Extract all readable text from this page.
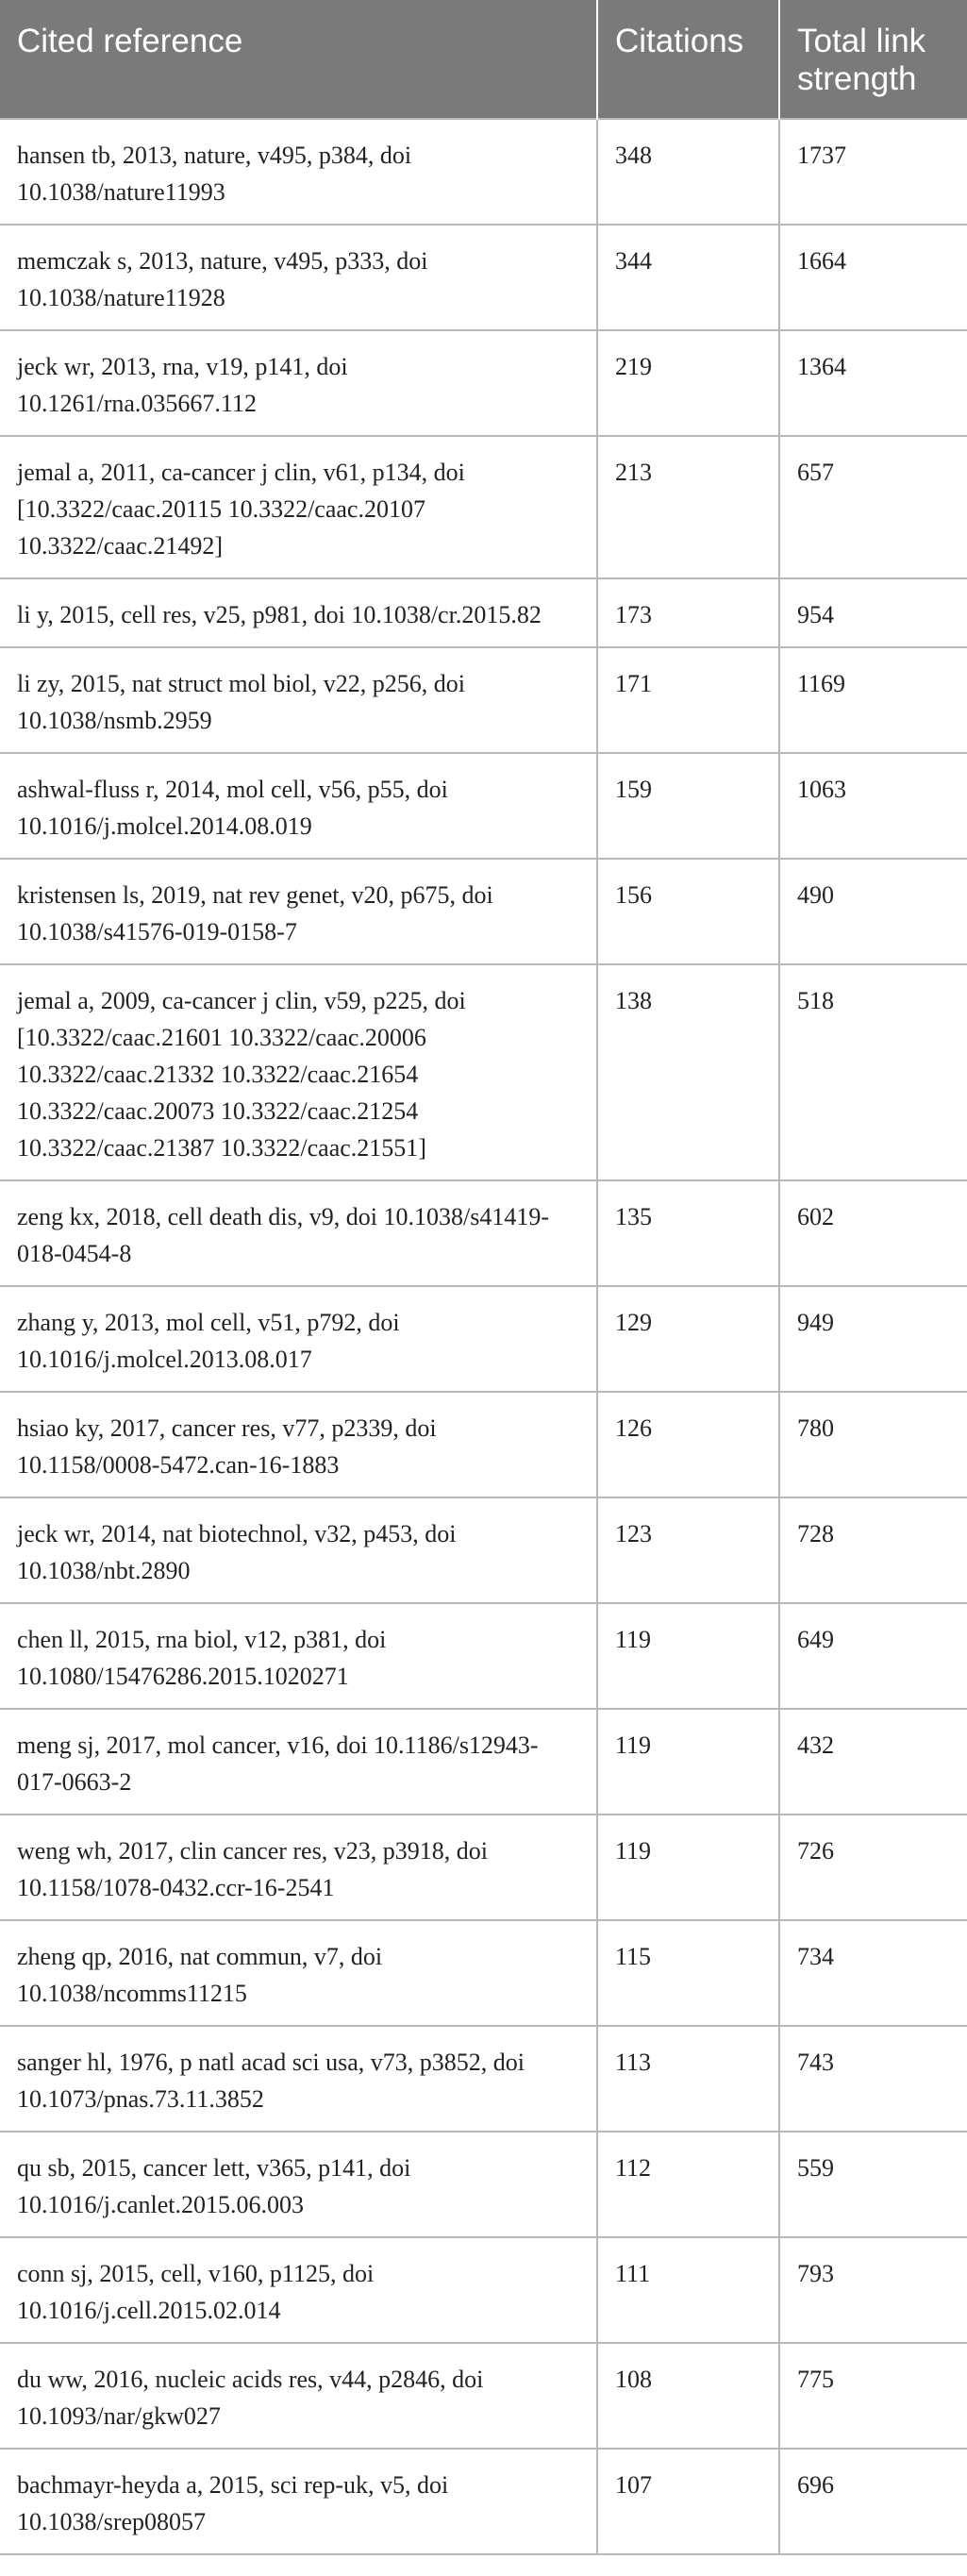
Cited reference	Citations	Total link strength
hansen tb, 2013, nature, v495, p384, doi 10.1038/nature11993	348	1737
memczak s, 2013, nature, v495, p333, doi 10.1038/nature11928	344	1664
jeck wr, 2013, rna, v19, p141, doi 10.1261/rna.035667.112	219	1364
jemal a, 2011, ca-cancer j clin, v61, p134, doi [10.3322/caac.20115 10.3322/caac.20107 10.3322/caac.21492]	213	657
li y, 2015, cell res, v25, p981, doi 10.1038/cr.2015.82	173	954
li zy, 2015, nat struct mol biol, v22, p256, doi 10.1038/nsmb.2959	171	1169
ashwal-fluss r, 2014, mol cell, v56, p55, doi 10.1016/j.molcel.2014.08.019	159	1063
kristensen ls, 2019, nat rev genet, v20, p675, doi 10.1038/s41576-019-0158-7	156	490
jemal a, 2009, ca-cancer j clin, v59, p225, doi [10.3322/caac.21601 10.3322/caac.20006 10.3322/caac.21332 10.3322/caac.21654 10.3322/caac.20073 10.3322/caac.21254 10.3322/caac.21387 10.3322/caac.21551]	138	518
zeng kx, 2018, cell death dis, v9, doi 10.1038/s41419-018-0454-8	135	602
zhang y, 2013, mol cell, v51, p792, doi 10.1016/j.molcel.2013.08.017	129	949
hsiao ky, 2017, cancer res, v77, p2339, doi 10.1158/0008-5472.can-16-1883	126	780
jeck wr, 2014, nat biotechnol, v32, p453, doi 10.1038/nbt.2890	123	728
chen ll, 2015, rna biol, v12, p381, doi 10.1080/15476286.2015.1020271	119	649
meng sj, 2017, mol cancer, v16, doi 10.1186/s12943-017-0663-2	119	432
weng wh, 2017, clin cancer res, v23, p3918, doi 10.1158/1078-0432.ccr-16-2541	119	726
zheng qp, 2016, nat commun, v7, doi 10.1038/ncomms11215	115	734
sanger hl, 1976, p natl acad sci usa, v73, p3852, doi 10.1073/pnas.73.11.3852	113	743
qu sb, 2015, cancer lett, v365, p141, doi 10.1016/j.canlet.2015.06.003	112	559
conn sj, 2015, cell, v160, p1125, doi 10.1016/j.cell.2015.02.014	111	793
du ww, 2016, nucleic acids res, v44, p2846, doi 10.1093/nar/gkw027	108	775
bachmayr-heyda a, 2015, sci rep-uk, v5, doi 10.1038/srep08057	107	696
